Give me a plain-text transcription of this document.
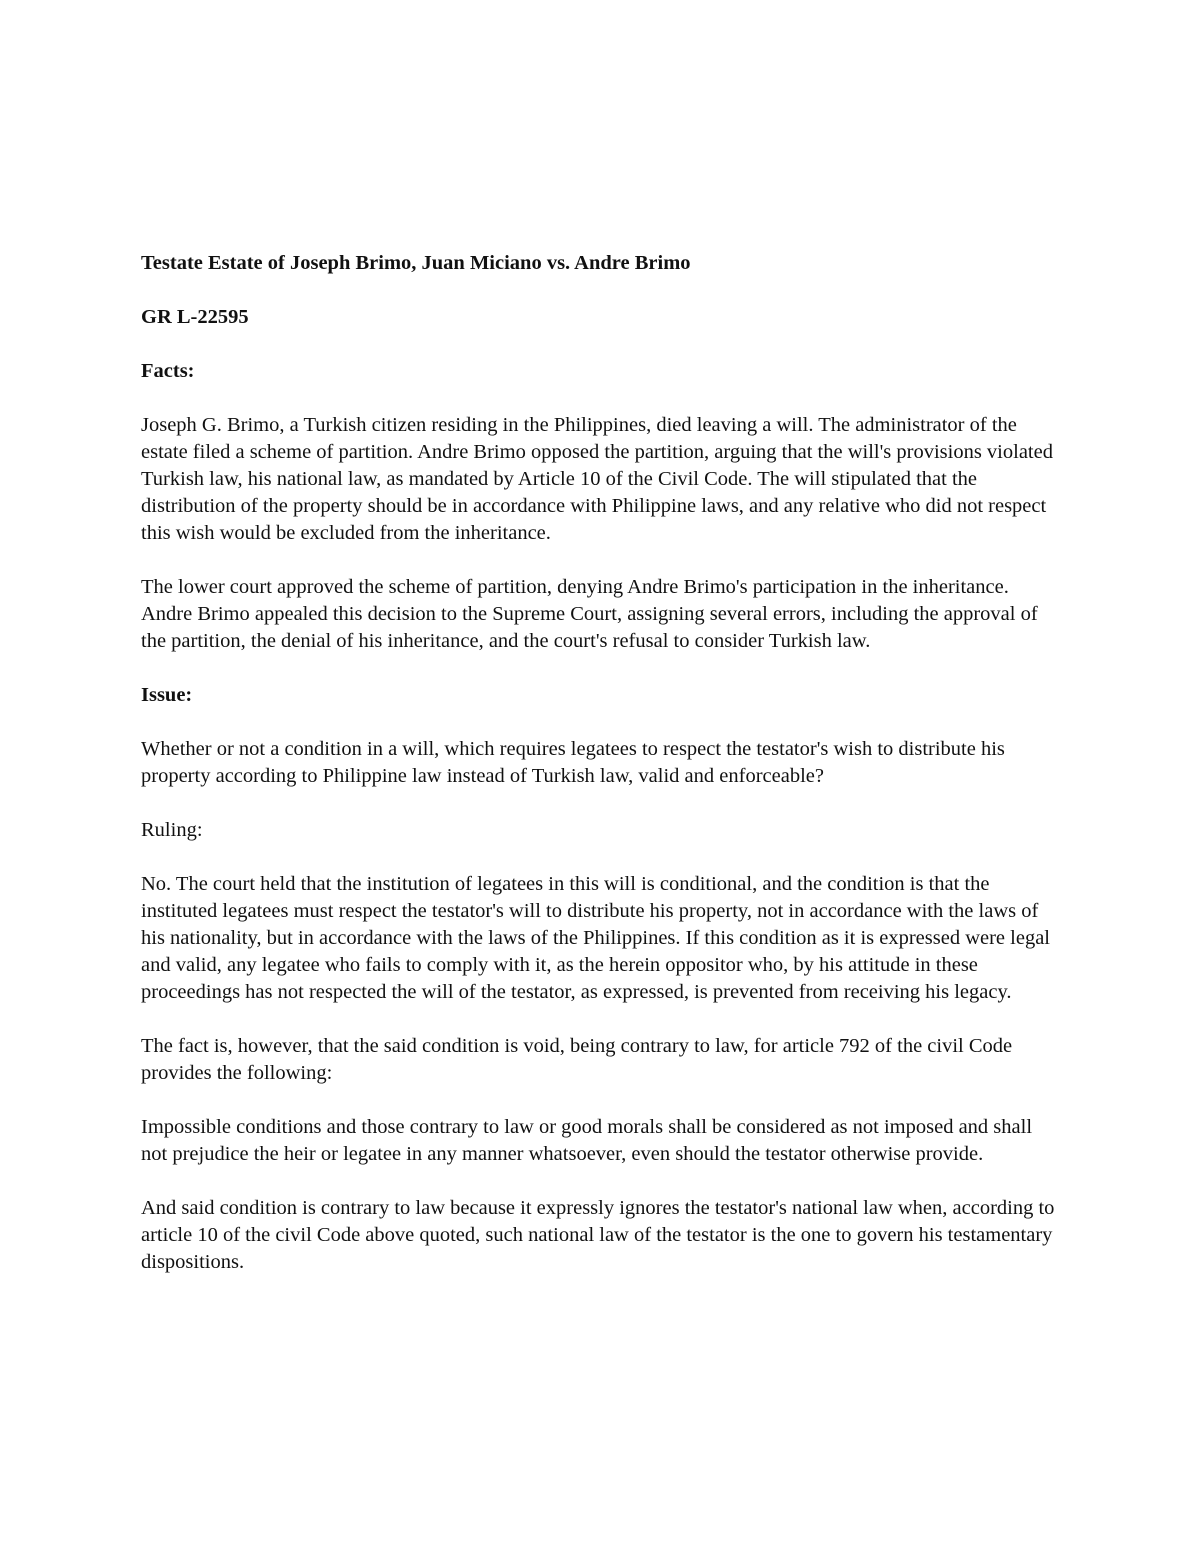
Testate Estate of Joseph Brimo, Juan Miciano vs. Andre Brimo

GR L-22595

Facts:

Joseph G. Brimo, a Turkish citizen residing in the Philippines, died leaving a will. The administrator of the estate filed a scheme of partition. Andre Brimo opposed the partition, arguing that the will's provisions violated Turkish law, his national law, as mandated by Article 10 of the Civil Code. The will stipulated that the distribution of the property should be in accordance with Philippine laws, and any relative who did not respect this wish would be excluded from the inheritance.

The lower court approved the scheme of partition, denying Andre Brimo's participation in the inheritance. Andre Brimo appealed this decision to the Supreme Court, assigning several errors, including the approval of the partition, the denial of his inheritance, and the court's refusal to consider Turkish law.

Issue:

Whether or not a condition in a will, which requires legatees to respect the testator's wish to distribute his property according to Philippine law instead of Turkish law, valid and enforceable?

Ruling:

No. The court held that the institution of legatees in this will is conditional, and the condition is that the instituted legatees must respect the testator's will to distribute his property, not in accordance with the laws of his nationality, but in accordance with the laws of the Philippines. If this condition as it is expressed were legal and valid, any legatee who fails to comply with it, as the herein oppositor who, by his attitude in these proceedings has not respected the will of the testator, as expressed, is prevented from receiving his legacy.

The fact is, however, that the said condition is void, being contrary to law, for article 792 of the civil Code provides the following:

Impossible conditions and those contrary to law or good morals shall be considered as not imposed and shall not prejudice the heir or legatee in any manner whatsoever, even should the testator otherwise provide.

And said condition is contrary to law because it expressly ignores the testator's national law when, according to article 10 of the civil Code above quoted, such national law of the testator is the one to govern his testamentary dispositions.
